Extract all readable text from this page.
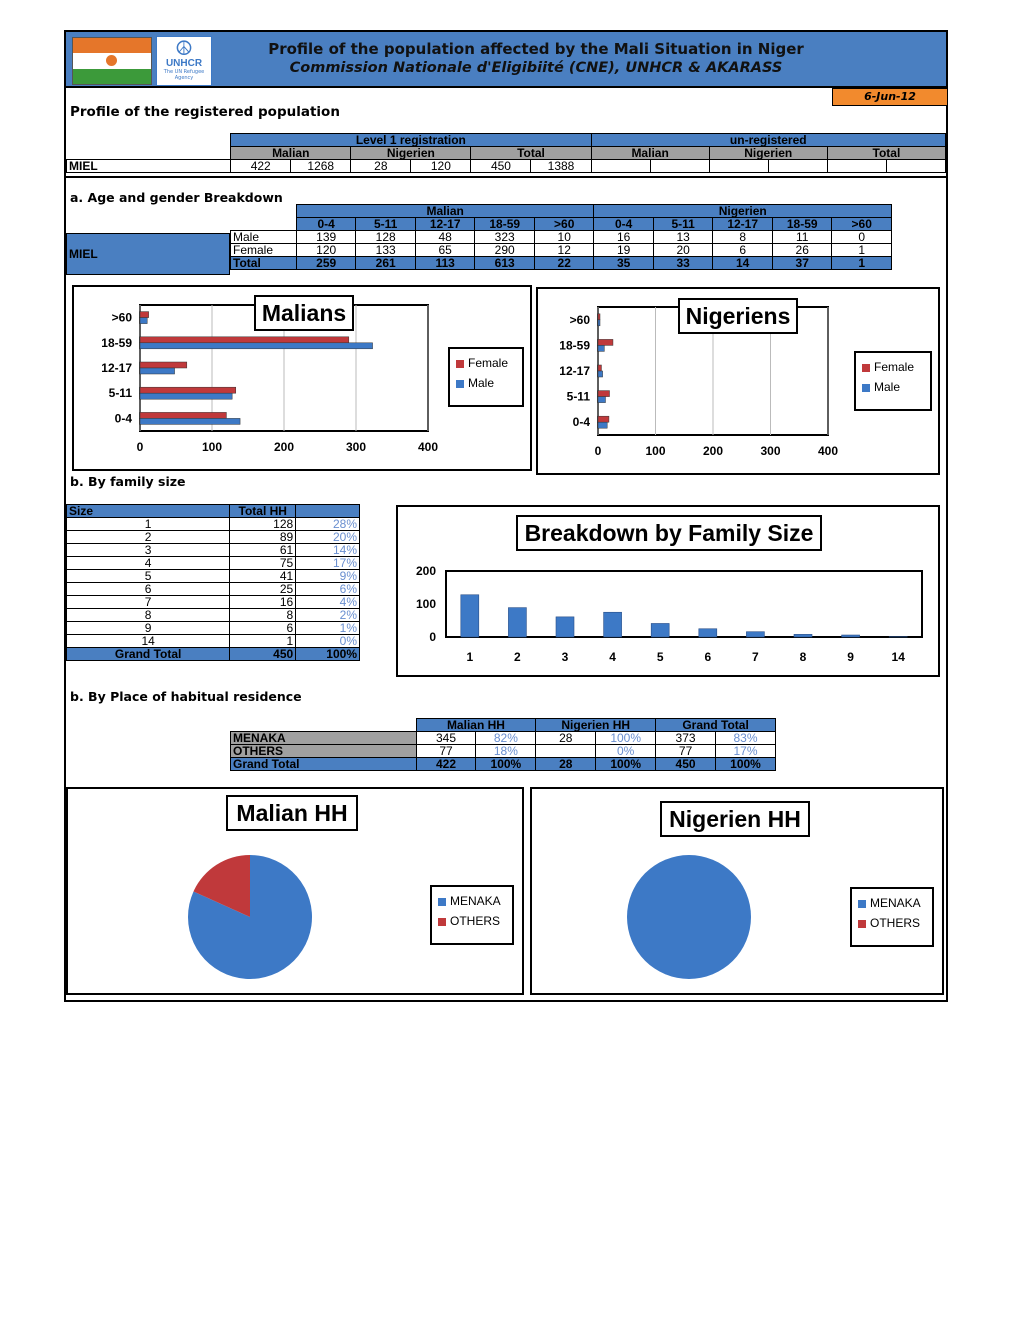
☮
UNHCR
The UN Refugee Agency
Profile of the population affected by the Mali Situation in Niger
Commission Nationale d'Eligibiité (CNE), UNHCR & AKARASS
6-Jun-12
Profile of the registered population
	Level 1 registration						un-registered					
	Malian		Nigerien		Total		Malian		Nigerien		Total	
MIEL	422	1268	28	120	450	1388						
a. Age and gender Breakdown
MIEL
	Malian					Nigerien				
	0-4	5-11	12-17	18-59	>60	0-4	5-11	12-17	18-59	>60
Male	139	128	48	323	10	16	13	8	11	0
Female	120	133	65	290	12	19	20	6	26	1
Total	259	261	113	613	22	35	33	14	37	1
0	100	200	300	400
0-4
5-11
12-17
18-59
>60	Malians
Female
Male
0	100	200	300	400
0-4
5-11
12-17
18-59
>60	Nigeriens
Female
Male
b. By family size
Size	Total HH	
1	128	28%
2	89	20%
3	61	14%
4	75	17%
5	41	9%
6	25	6%
7	16	4%
8	8	2%
9	6	1%
14	1	0%
Grand Total	450	100%
0
100
200
1	2	3	4	5	6	7	8	9	14
Breakdown by Family Size
b. By Place of habitual residence
	Malian HH		Nigerien HH		Grand Total	
MENAKA	345	82%	28	100%	373	83%
OTHERS	77	18%		0%	77	17%
Grand Total	422	100%	28	100%	450	100%
Malian HH
MENAKA
OTHERS
Nigerien HH
MENAKA
OTHERS
